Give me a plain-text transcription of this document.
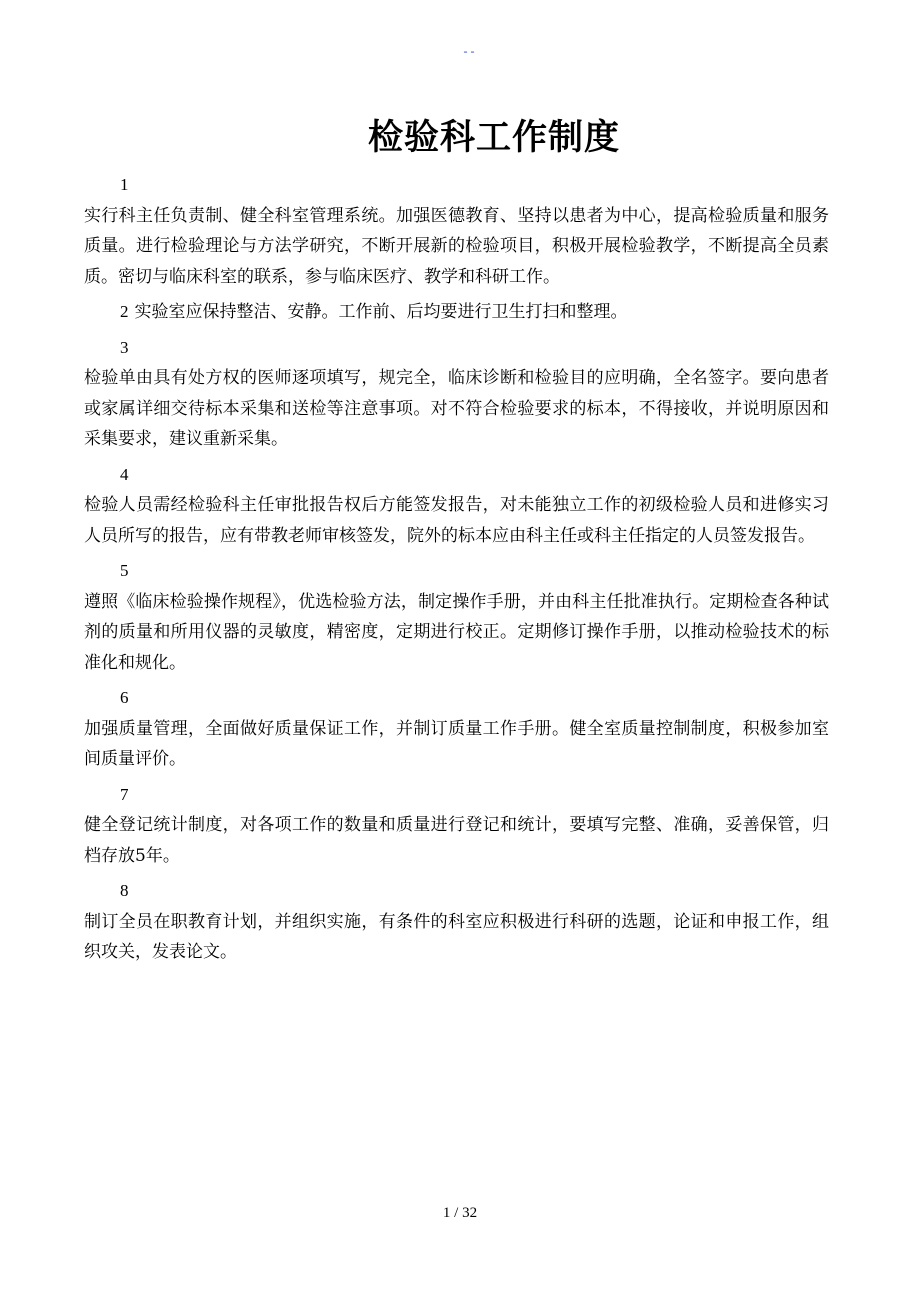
- -
检验科工作制度

1

实行科主任负责制、健全科室管理系统。加强医德教育、坚持以患者为中心，提高检验质量和服务质量。进行检验理论与方法学研究，不断开展新的检验项目，积极开展检验教学，不断提高全员素质。密切与临床科室的联系，参与临床医疗、教学和科研工作。

2 实验室应保持整洁、安静。工作前、后均要进行卫生打扫和整理。

3

检验单由具有处方权的医师逐项填写，规完全，临床诊断和检验目的应明确，全名签字。要向患者或家属详细交待标本采集和送检等注意事项。对不符合检验要求的标本，不得接收，并说明原因和采集要求，建议重新采集。

4

检验人员需经检验科主任审批报告权后方能签发报告，对未能独立工作的初级检验人员和进修实习人员所写的报告，应有带教老师审核签发，院外的标本应由科主任或科主任指定的人员签发报告。

5

遵照《临床检验操作规程》，优选检验方法，制定操作手册，并由科主任批准执行。定期检查各种试剂的质量和所用仪器的灵敏度，精密度，定期进行校正。定期修订操作手册，以推动检验技术的标准化和规化。

6

加强质量管理，全面做好质量保证工作，并制订质量工作手册。健全室质量控制制度，积极参加室间质量评价。

7

健全登记统计制度，对各项工作的数量和质量进行登记和统计，要填写完整、准确，妥善保管，归档存放5年。

8

制订全员在职教育计划，并组织实施，有条件的科室应积极进行科研的选题，论证和申报工作，组织攻关，发表论文。

1 / 32
